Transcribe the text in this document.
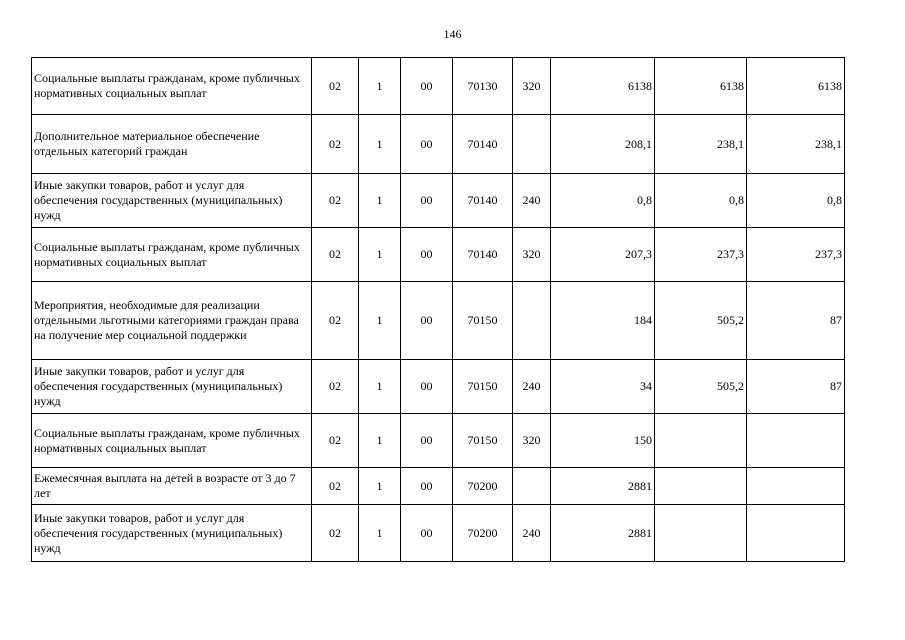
146
Социальные выплаты гражданам, кроме публичных нормативных социальных выплат	02	1	00	70130	320	6138	6138	6138
Дополнительное материальное обеспечение отдельных категорий граждан	02	1	00	70140		208,1	238,1	238,1
Иные закупки товаров, работ и услуг для обеспечения государственных (муниципальных) нужд	02	1	00	70140	240	0,8	0,8	0,8
Социальные выплаты гражданам, кроме публичных нормативных социальных выплат	02	1	00	70140	320	207,3	237,3	237,3
Мероприятия, необходимые для реализации отдельными льготными категориями граждан права на получение мер социальной поддержки	02	1	00	70150		184	505,2	87
Иные закупки товаров, работ и услуг для обеспечения государственных (муниципальных) нужд	02	1	00	70150	240	34	505,2	87
Социальные выплаты гражданам, кроме публичных нормативных социальных выплат	02	1	00	70150	320	150		
Ежемесячная выплата на детей в возрасте от 3 до 7 лет	02	1	00	70200		2881		
Иные закупки товаров, работ и услуг для обеспечения государственных (муниципальных) нужд	02	1	00	70200	240	2881		
